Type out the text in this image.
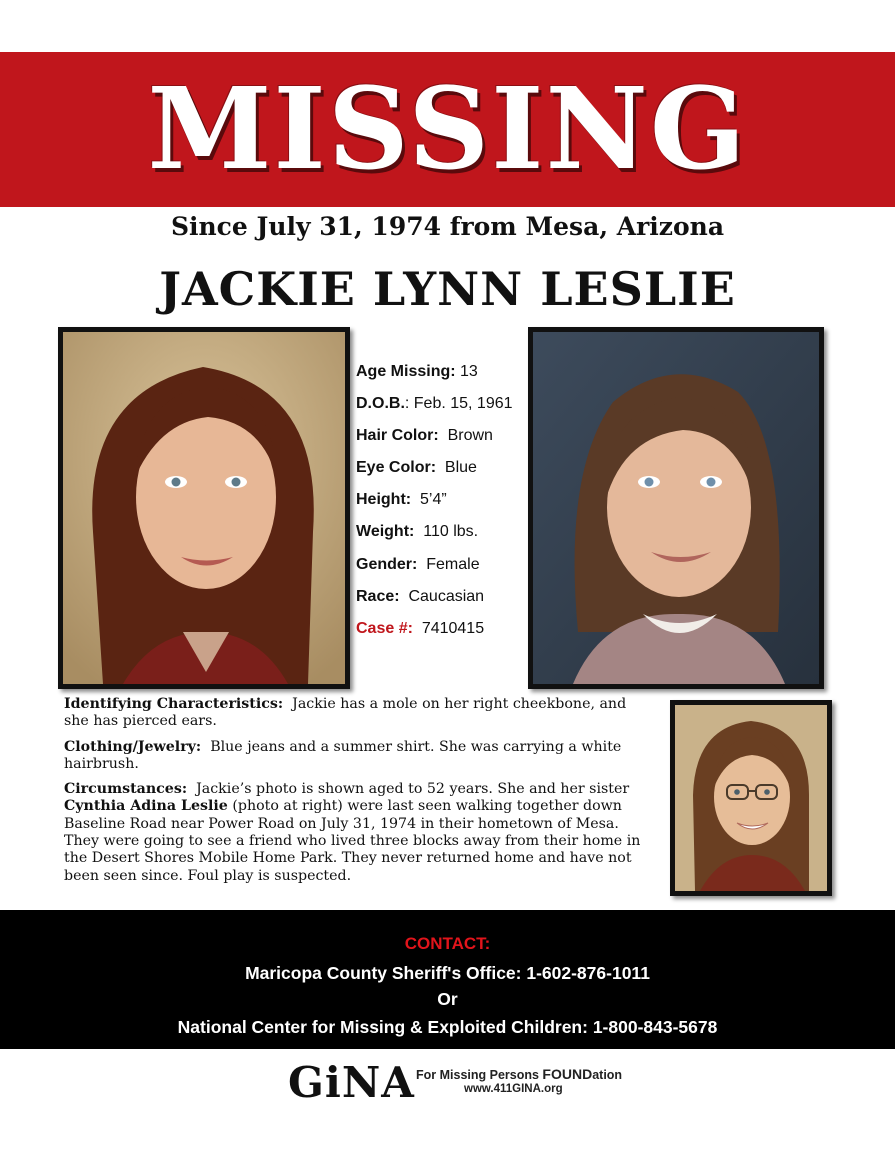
MISSING
Since July 31, 1974 from Mesa, Arizona
JACKIE LYNN LESLIE
Age Missing: 13
D.O.B.: Feb. 15, 1961
Hair Color: Brown
Eye Color: Blue
Height: 5’4”
Weight: 110 lbs.
Gender: Female
Race: Caucasian
Case #: 7410415

Identifying Characteristics: Jackie has a mole on her right cheekbone, and she has pierced ears.

Clothing/Jewelry: Blue jeans and a summer shirt. She was carrying a white hairbrush.

Circumstances: Jackie’s photo is shown aged to 52 years. She and her sister Cynthia Adina Leslie (photo at right) were last seen walking together down Baseline Road near Power Road on July 31, 1974 in their hometown of Mesa. They were going to see a friend who lived three blocks away from their home in the Desert Shores Mobile Home Park. They never returned home and have not been seen since. Foul play is suspected.

CONTACT:
Maricopa County Sheriff's Office: 1-602-876-1011
Or
National Center for Missing & Exploited Children: 1-800-843-5678
GiNA For Missing Persons FOUNDation
www.411GINA.org
